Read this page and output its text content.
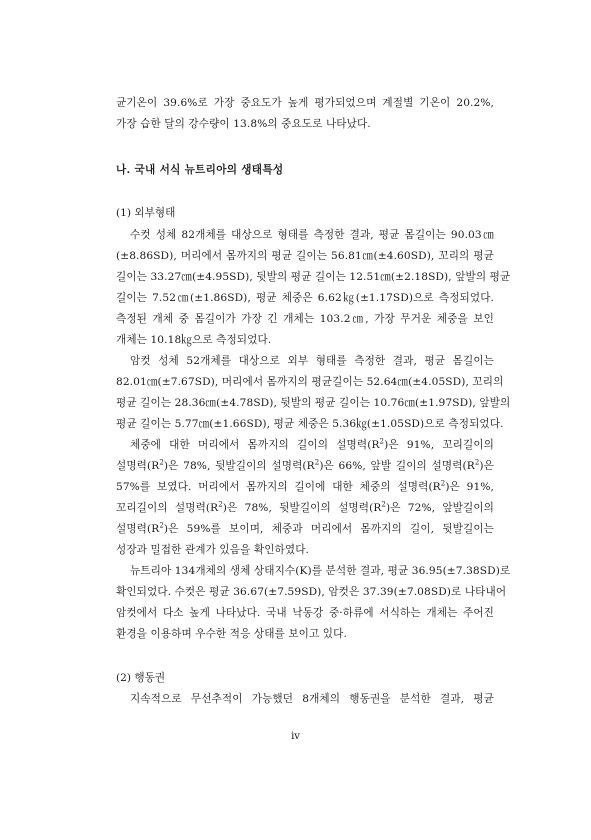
균기온이 39.6%로 가장 중요도가 높게 평가되었으며 계절별 기온이 20.2%,
가장 습한 달의 강수량이 13.8%의 중요도로 나타났다.
나. 국내 서식 뉴트리아의 생태특성
(1) 외부형태
수컷 성체 82개체를 대상으로 형태를 측정한 결과, 평균 몸길이는 90.03㎝
(±8.86SD), 머리에서 몸까지의 평균 길이는 56.81㎝(±4.60SD), 꼬리의 평균
길이는 33.27㎝(±4.95SD), 뒷발의 평균 길이는 12.51㎝(±2.18SD), 앞발의 평균
길이는 7.52㎝(±1.86SD), 평균 체중은 6.62㎏(±1.17SD)으로 측정되었다.
측정된 개체 중 몸길이가 가장 긴 개체는 103.2㎝, 가장 무거운 체중을 보인
개체는 10.18㎏으로 측정되었다.
암컷 성체 52개체를 대상으로 외부 형태를 측정한 결과, 평균 몸길이는
82.01㎝(±7.67SD), 머리에서 몸까지의 평균길이는 52.64㎝(±4.05SD), 꼬리의
평균 길이는 28.36㎝(±4.78SD), 뒷발의 평균 길이는 10.76㎝(±1.97SD), 앞발의
평균 길이는 5.77㎝(±1.66SD), 평균 체중은 5.36㎏(±1.05SD)으로 측정되었다.
체중에 대한 머리에서 몸까지의 길이의 설명력$(R^2)$은 91%, 꼬리길이의
설명력$(R^2)$은 78%, 뒷발길이의 설명력$(R^2)$은 66%, 앞발 길이의 설명력$(R^2)$은
57%를 보였다. 머리에서 몸까지의 길이에 대한 체중의 설명력$(R^2)$은 91%,
꼬리길이의 설명력$(R^2)$은 78%, 뒷발길이의 설명력$(R^2)$은 72%, 앞발길이의
설명력$(R^2)$은 59%를 보이며, 체중과 머리에서 몸까지의 길이, 뒷발길이는
성장과 밀접한 관계가 있음을 확인하였다.
뉴트리아 134개체의 생체 상태지수(K)를 분석한 결과, 평균 36.95(±7.38SD)로
확인되었다. 수컷은 평균 36.67(±7.59SD), 암컷은 37.39(±7.08SD)로 나타내어
암컷에서 다소 높게 나타났다. 국내 낙동강 중·하류에 서식하는 개체는 주어진
환경을 이용하며 우수한 적응 상태를 보이고 있다.
(2) 행동권
지속적으로 무선추적이 가능했던 8개체의 행동권을 분석한 결과, 평균
iv
